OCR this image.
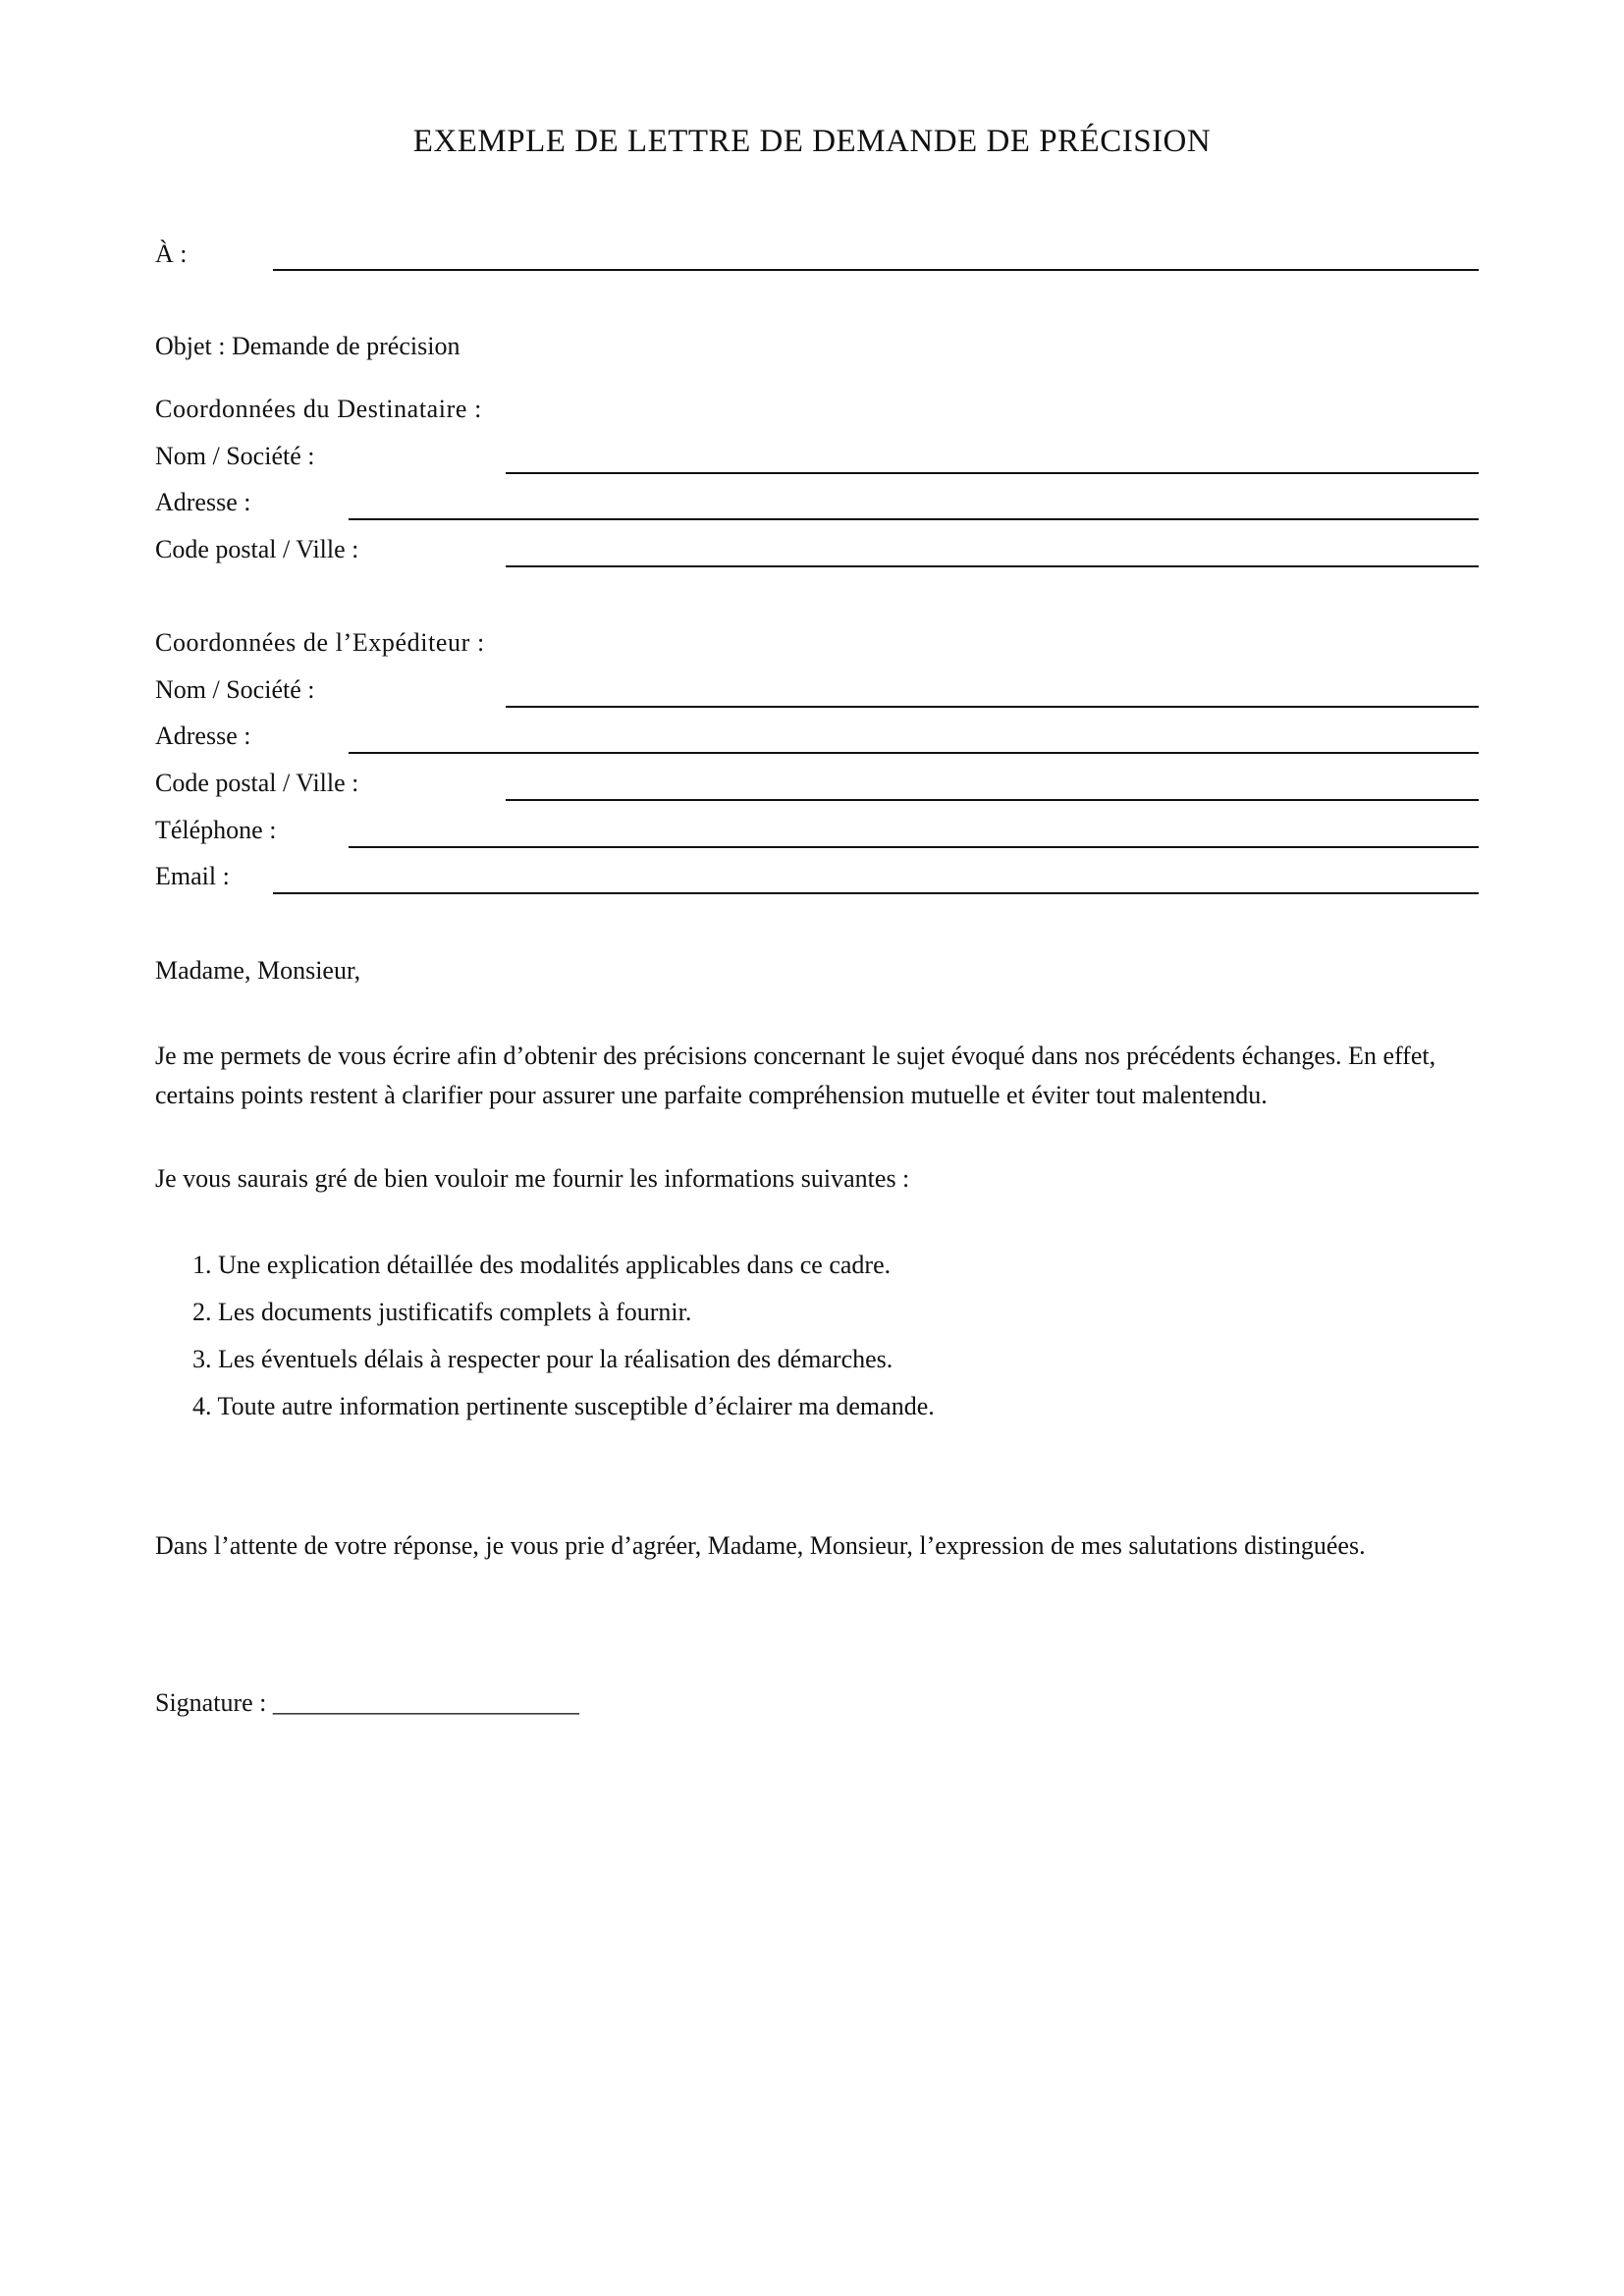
EXEMPLE DE LETTRE DE DEMANDE DE PRÉCISION
À :
Objet : Demande de précision
Coordonnées du Destinataire :
Nom / Société :
Adresse :
Code postal / Ville :
Coordonnées de l’Expéditeur :
Nom / Société :
Adresse :
Code postal / Ville :
Téléphone :
Email :
Madame, Monsieur,
Je me permets de vous écrire afin d’obtenir des précisions concernant le sujet évoqué dans nos précédents échanges. En effet, certains points restent à clarifier pour assurer une parfaite compréhension mutuelle et éviter tout malentendu.
Je vous saurais gré de bien vouloir me fournir les informations suivantes :
1. Une explication détaillée des modalités applicables dans ce cadre.
2. Les documents justificatifs complets à fournir.
3. Les éventuels délais à respecter pour la réalisation des démarches.
4. Toute autre information pertinente susceptible d’éclairer ma demande.
Dans l’attente de votre réponse, je vous prie d’agréer, Madame, Monsieur, l’expression de mes salutations distinguées.
Signature : ________________________
